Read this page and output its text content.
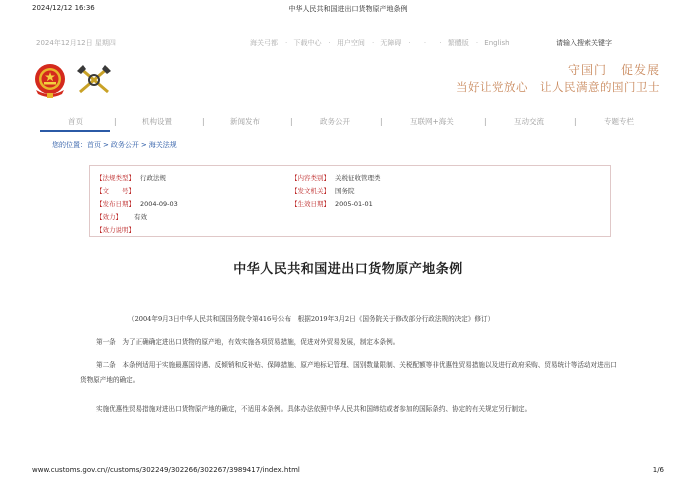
2024/12/12 16:36	中华人民共和国进出口货物原产地条例
2024年12月12日 星期四	海关弓都 · 下载中心 · 用户空间 · 无障碍 · · · 繁體版 · English
请输入搜索关键字
守国门 促发展
当好让党放心 让人民满意的国门卫士
首页	|	机构设置	|	新闻发布	|	政务公开	|	互联网+海关	|	互动交流	|	专题专栏
您的位置：首页 > 政务公开 > 海关法规
【法规类型】 行政法规	【内容类别】 关税征收管理类
【文　　号】	【发文机关】 国务院
【发布日期】 2004-09-03	【生效日期】 2005-01-01
【效力】 有效
【效力说明】
中华人民共和国进出口货物原产地条例
（2004年9月3日中华人民共和国国务院令第416号公布　根据2019年3月2日《国务院关于修改部分行政法规的决定》修订）
第一条　为了正确确定进出口货物的原产地，有效实施各项贸易措施，促进对外贸易发展，制定本条例。
第二条　本条例适用于实施最惠国待遇、反倾销和反补贴、保障措施、原产地标记管理、国别数量限制、关税配额等非优惠性贸易措施以及进行政府采购、贸易统计等活动对进出口货物原产地的确定。
实施优惠性贸易措施对进出口货物原产地的确定，不适用本条例。具体办法依照中华人民共和国缔结或者参加的国际条约、协定的有关规定另行制定。
www.customs.gov.cn//customs/302249/302266/302267/3989417/index.html	1/6
